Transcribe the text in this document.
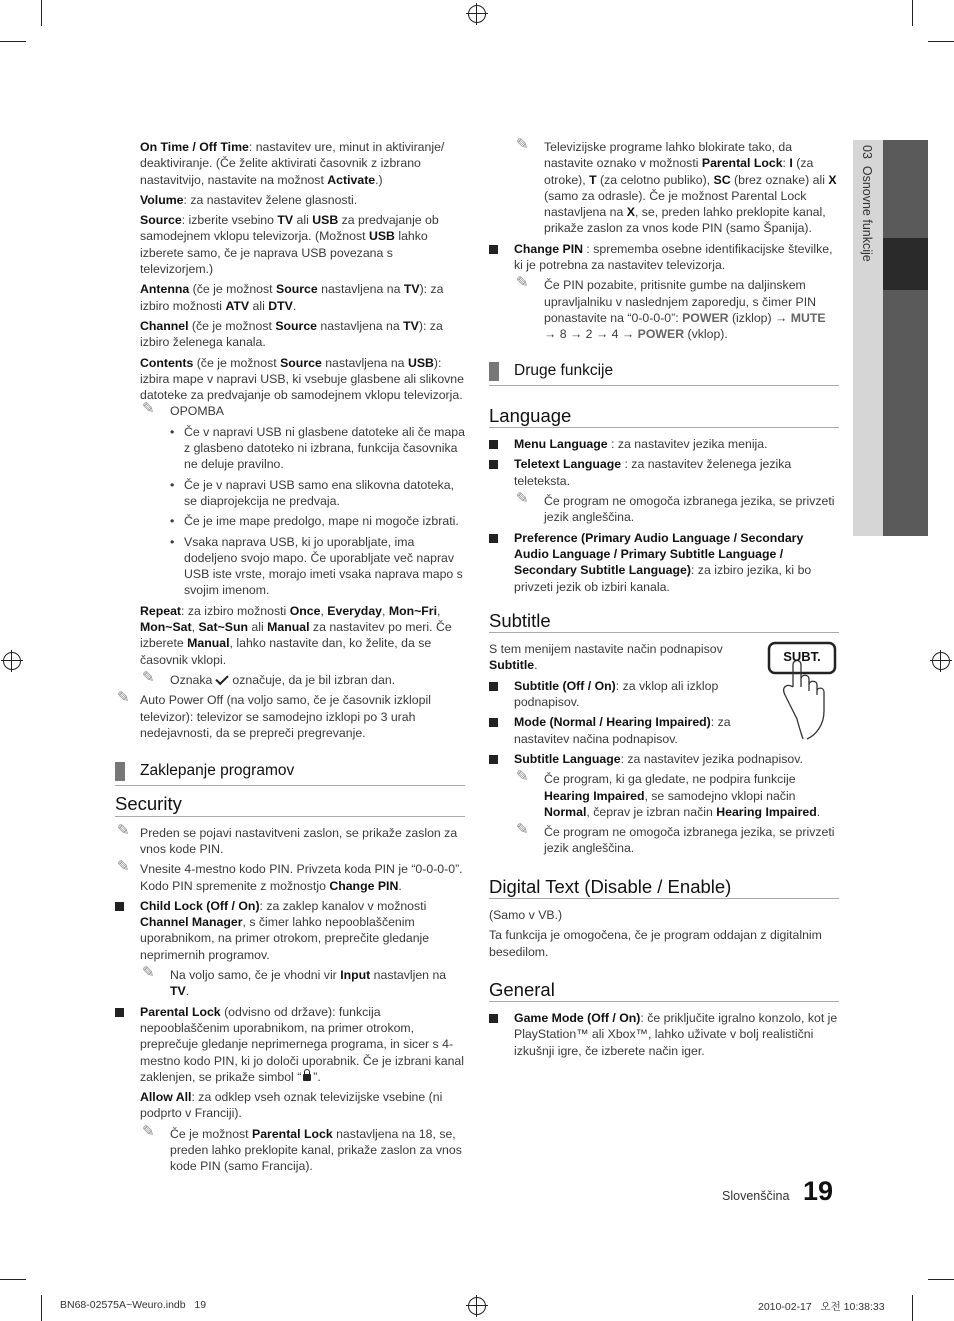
03  Osnovne funkcije

On Time / Off Time: nastavitev ure, minut in aktiviranje/ deaktiviranje. (Če želite aktivirati časovnik z izbrano nastavitvijo, nastavite na možnost Activate.)

Volume: za nastavitev želene glasnosti.

Source: izberite vsebino TV ali USB za predvajanje ob samodejnem vklopu televizorja. (Možnost USB lahko izberete samo, če je naprava USB povezana s televizorjem.)

Antenna (če je možnost Source nastavljena na TV): za izbiro možnosti ATV ali DTV.

Channel (če je možnost Source nastavljena na TV): za izbiro želenega kanala.

Contents (če je možnost Source nastavljena na USB): izbira mape v napravi USB, ki vsebuje glasbene ali slikovne datoteke za predvajanje ob samodejnem vklopu televizorja.

✎ OPOMBA
• Če v napravi USB ni glasbene datoteke ali če mapa z glasbeno datoteko ni izbrana, funkcija časovnika ne deluje pravilno.
• Če je v napravi USB samo ena slikovna datoteka, se diaprojekcija ne predvaja.
• Če je ime mape predolgo, mape ni mogoče izbrati.
• Vsaka naprava USB, ki jo uporabljate, ima dodeljeno svojo mapo. Če uporabljate več naprav USB iste vrste, morajo imeti vsaka naprava mapo s svojim imenom.

Repeat: za izbiro možnosti Once, Everyday, Mon~Fri, Mon~Sat, Sat~Sun ali Manual za nastavitev po meri. Če izberete Manual, lahko nastavite dan, ko želite, da se časovnik vklopi.

✎ Oznaka označuje, da je bil izbran dan.
✎ Auto Power Off (na voljo samo, če je časovnik izklopil televizor): televizor se samodejno izklopi po 3 urah nedejavnosti, da se prepreči pregrevanje.
Zaklepanje programov
Security
✎ Preden se pojavi nastavitveni zaslon, se prikaže zaslon za vnos kode PIN.
✎ Vnesite 4-mestno kodo PIN. Privzeta koda PIN je “0-0-0-0”. Kodo PIN spremenite z možnostjo Change PIN.
Child Lock (Off / On): za zaklep kanalov v možnosti Channel Manager, s čimer lahko nepooblaščenim uporabnikom, na primer otrokom, preprečite gledanje neprimernih programov.
✎ Na voljo samo, če je vhodni vir Input nastavljen na TV.
Parental Lock (odvisno od države): funkcija nepooblaščenim uporabnikom, na primer otrokom, preprečuje gledanje neprimernega programa, in sicer s 4-mestno kodo PIN, ki jo določi uporabnik. Če je izbrani kanal zaklenjen, se prikaže simbol “ ”.

Allow All: za odklep vseh oznak televizijske vsebine (ni podprto v Franciji).

✎ Če je možnost Parental Lock nastavljena na 18, se, preden lahko preklopite kanal, prikaže zaslon za vnos kode PIN (samo Francija).
✎ Televizijske programe lahko blokirate tako, da nastavite oznako v možnosti Parental Lock: I (za otroke), T (za celotno publiko), SC (brez oznake) ali X (samo za odrasle). Če je možnost Parental Lock nastavljena na X, se, preden lahko preklopite kanal, prikaže zaslon za vnos kode PIN (samo Španija).
Change PIN : sprememba osebne identifikacijske številke, ki je potrebna za nastavitev televizorja.
✎ Če PIN pozabite, pritisnite gumbe na daljinskem upravljalniku v naslednjem zaporedju, s čimer PIN ponastavite na “0-0-0-0”: POWER (izklop) → MUTE → 8 → 2 → 4 → POWER (vklop).
Druge funkcije
Language
Menu Language : za nastavitev jezika menija.
Teletext Language : za nastavitev želenega jezika teleteksta.
✎ Če program ne omogoča izbranega jezika, se privzeti jezik angleščina.
Preference (Primary Audio Language / Secondary Audio Language / Primary Subtitle Language / Secondary Subtitle Language): za izbiro jezika, ki bo privzeti jezik ob izbiri kanala.
Subtitle
SUBT.

S tem menijem nastavite način podnapisov Subtitle.

Subtitle (Off / On): za vklop ali izklop podnapisov.
Mode (Normal / Hearing Impaired): za nastavitev načina podnapisov.
Subtitle Language: za nastavitev jezika podnapisov.
✎ Če program, ki ga gledate, ne podpira funkcije Hearing Impaired, se samodejno vklopi način Normal, čeprav je izbran način Hearing Impaired.
✎ Če program ne omogoča izbranega jezika, se privzeti jezik angleščina.
Digital Text (Disable / Enable)

(Samo v VB.)

Ta funkcija je omogočena, če je program oddajan z digitalnim besedilom.

General
Game Mode (Off / On): če priključite igralno konzolo, kot je PlayStation™ ali Xbox™, lahko uživate v bolj realistični izkušnji igre, če izberete način iger.
Slovenščina 19
BN68-02575A~Weuro.indb   19	2010-02-17   오전 10:38:33
